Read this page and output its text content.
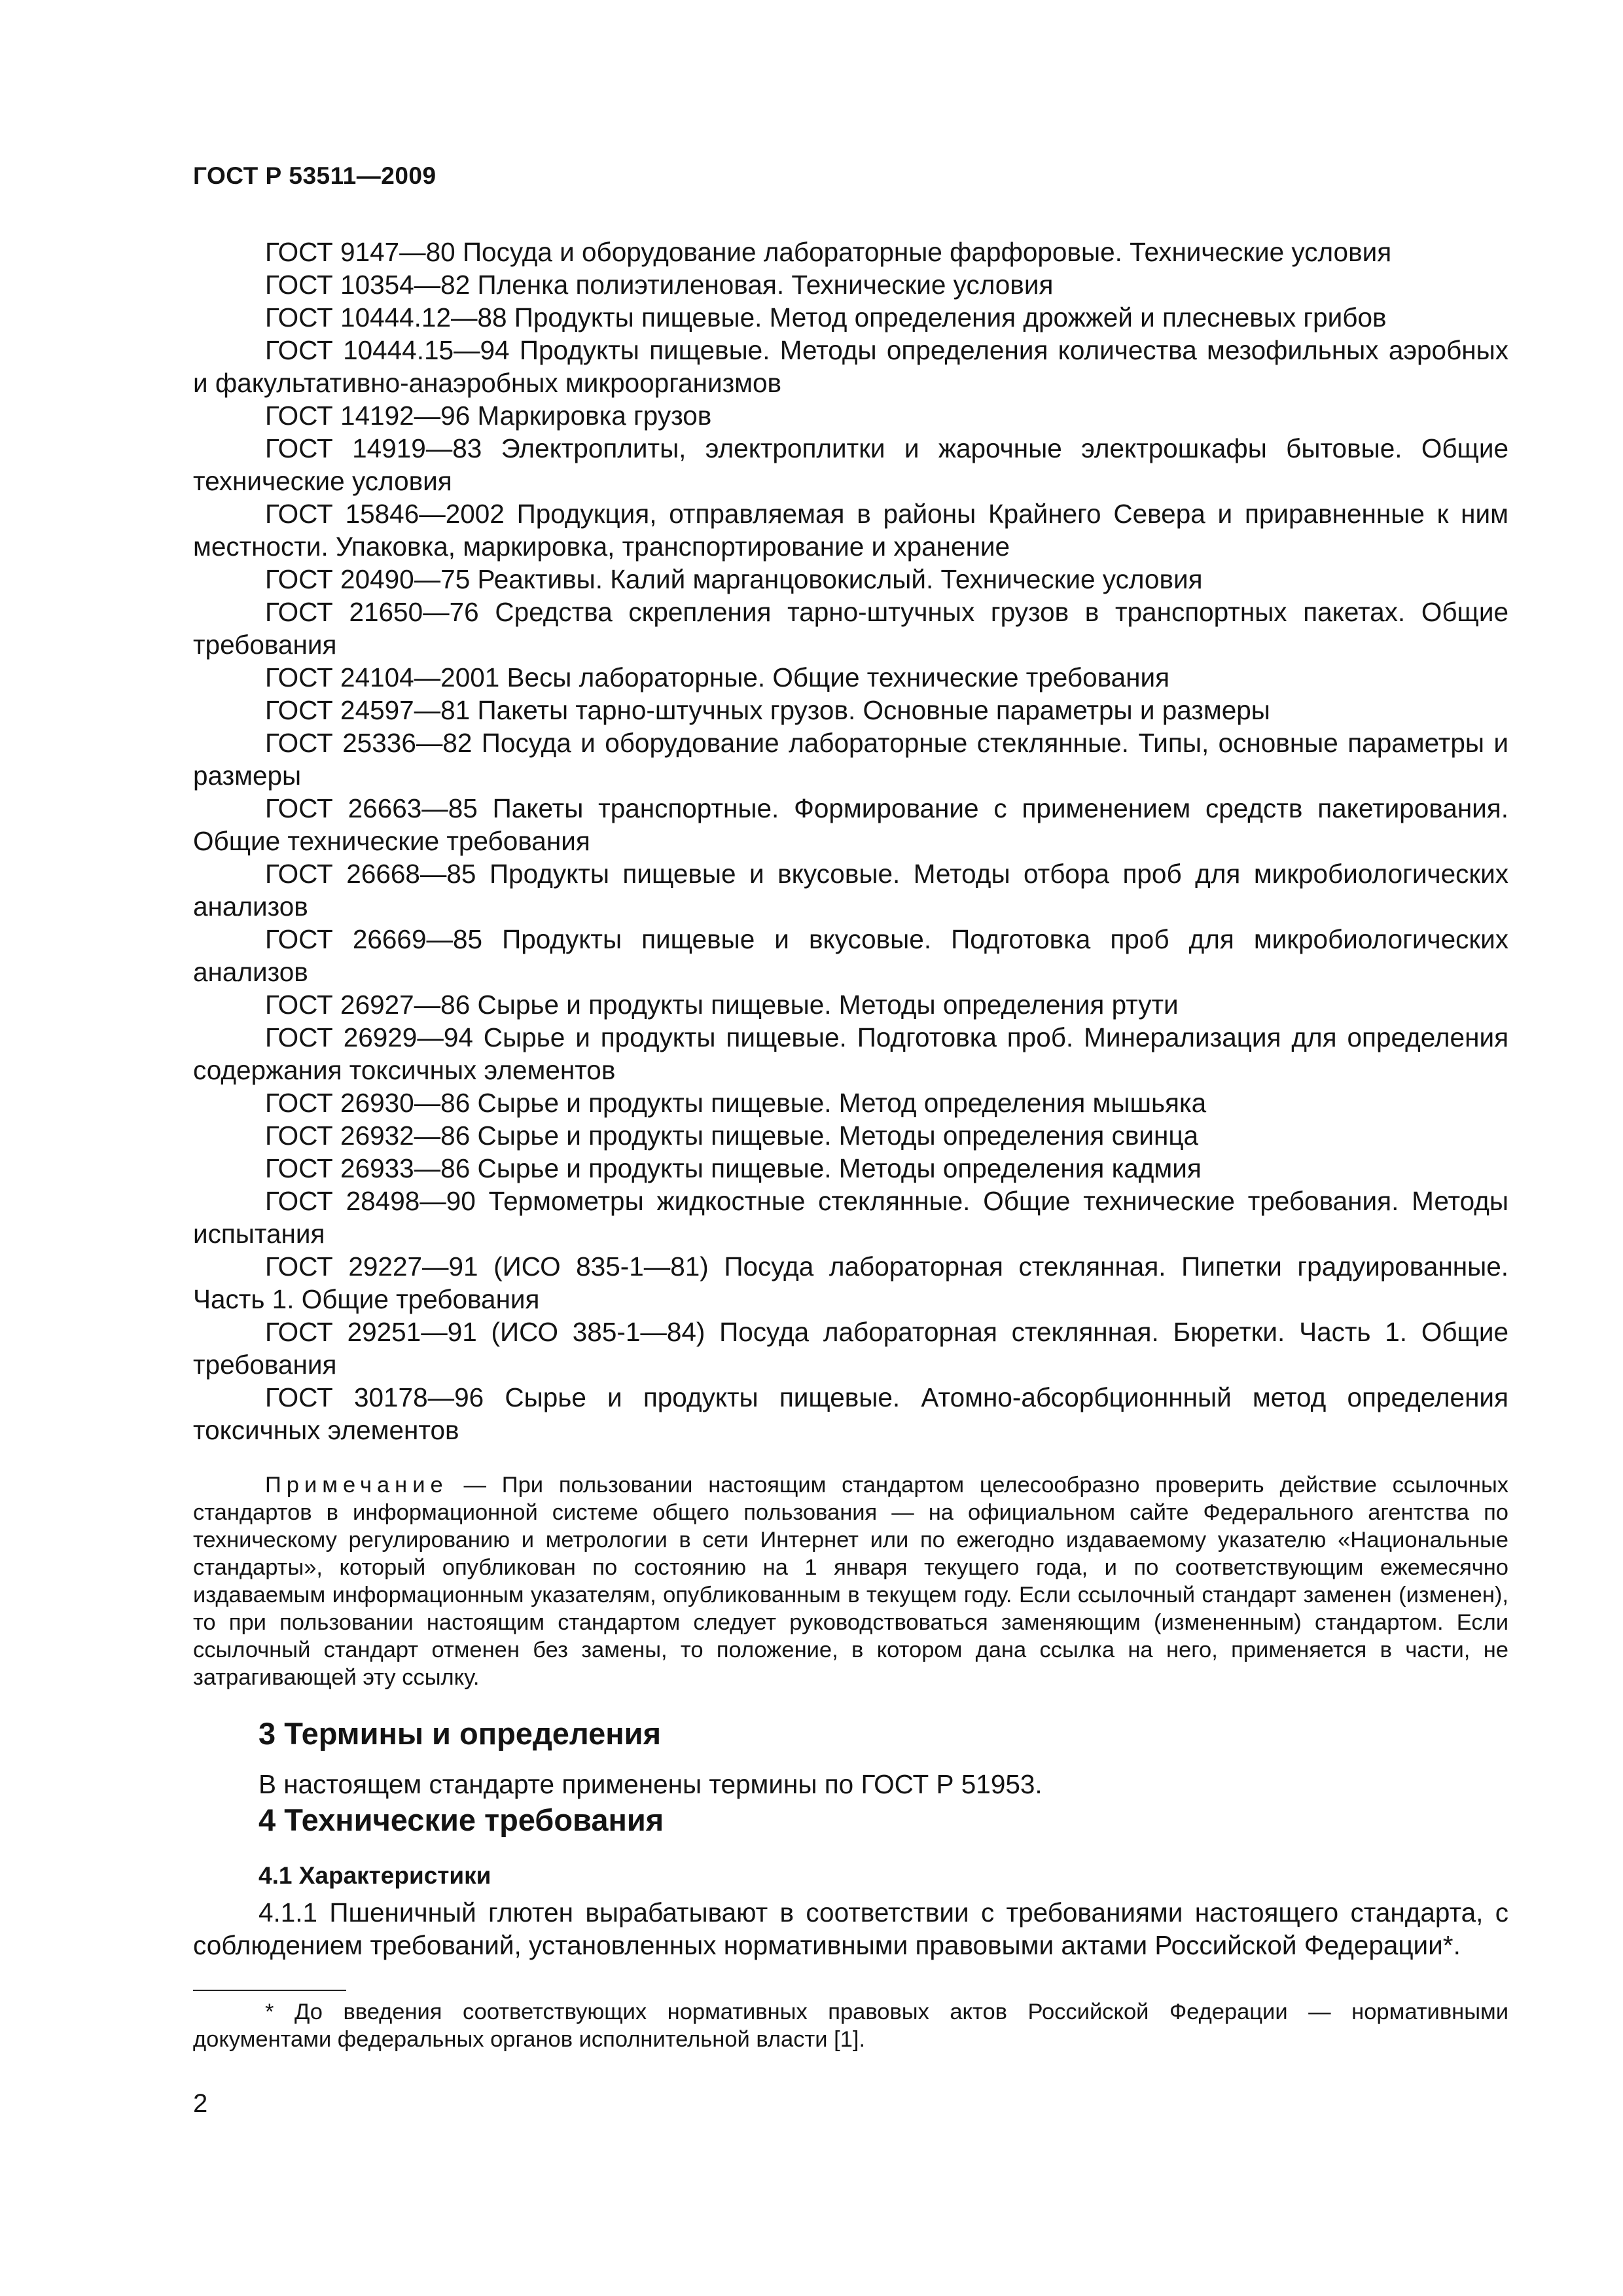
ГОСТ Р 53511—2009

ГОСТ 9147—80 Посуда и оборудование лабораторные фарфоровые. Технические условия

ГОСТ 10354—82 Пленка полиэтиленовая. Технические условия

ГОСТ 10444.12—88 Продукты пищевые. Метод определения дрожжей и плесневых грибов

ГОСТ 10444.15—94 Продукты пищевые. Методы определения количества мезофильных аэробных и факультативно-анаэробных микроорганизмов

ГОСТ 14192—96 Маркировка грузов

ГОСТ 14919—83 Электроплиты, электроплитки и жарочные электрошкафы бытовые. Общие технические условия

ГОСТ 15846—2002 Продукция, отправляемая в районы Крайнего Севера и приравненные к ним местности. Упаковка, маркировка, транспортирование и хранение

ГОСТ 20490—75 Реактивы. Калий марганцовокислый. Технические условия

ГОСТ 21650—76 Средства скрепления тарно-штучных грузов в транспортных пакетах. Общие требования

ГОСТ 24104—2001 Весы лабораторные. Общие технические требования

ГОСТ 24597—81 Пакеты тарно-штучных грузов. Основные параметры и размеры

ГОСТ 25336—82 Посуда и оборудование лабораторные стеклянные. Типы, основные параметры и размеры

ГОСТ 26663—85 Пакеты транспортные. Формирование с применением средств пакетирования. Общие технические требования

ГОСТ 26668—85 Продукты пищевые и вкусовые. Методы отбора проб для микробиологических анализов

ГОСТ 26669—85 Продукты пищевые и вкусовые. Подготовка проб для микробиологических анализов

ГОСТ 26927—86 Сырье и продукты пищевые. Методы определения ртути

ГОСТ 26929—94 Сырье и продукты пищевые. Подготовка проб. Минерализация для определения содержания токсичных элементов

ГОСТ 26930—86 Сырье и продукты пищевые. Метод определения мышьяка

ГОСТ 26932—86 Сырье и продукты пищевые. Методы определения свинца

ГОСТ 26933—86 Сырье и продукты пищевые. Методы определения кадмия

ГОСТ 28498—90 Термометры жидкостные стеклянные. Общие технические требования. Методы испытания

ГОСТ 29227—91 (ИСО 835-1—81) Посуда лабораторная стеклянная. Пипетки градуированные. Часть 1. Общие требования

ГОСТ 29251—91 (ИСО 385-1—84) Посуда лабораторная стеклянная. Бюретки. Часть 1. Общие требования

ГОСТ 30178—96 Сырье и продукты пищевые. Атомно-абсорбционнный метод определения токсичных элементов

Примечание — При пользовании настоящим стандартом целесообразно проверить действие ссылочных стандартов в информационной системе общего пользования — на официальном сайте Федерального агентства по техническому регулированию и метрологии в сети Интернет или по ежегодно издаваемому указателю «Национальные стандарты», который опубликован по состоянию на 1 января текущего года, и по соответствующим ежемесячно издаваемым информационным указателям, опубликованным в текущем году. Если ссылочный стандарт заменен (изменен), то при пользовании настоящим стандартом следует руководствоваться заменяющим (измененным) стандартом. Если ссылочный стандарт отменен без замены, то положение, в котором дана ссылка на него, применяется в части, не затрагивающей эту ссылку.

3 Термины и определения

В настоящем стандарте применены термины по ГОСТ Р 51953.

4 Технические требования
4.1 Характеристики

4.1.1 Пшеничный глютен вырабатывают в соответствии с требованиями настоящего стандарта, с соблюдением требований, установленных нормативными правовыми актами Российской Федерации*.

* До введения соответствующих нормативных правовых актов Российской Федерации — нормативными документами федеральных органов исполнительной власти [1].
2
